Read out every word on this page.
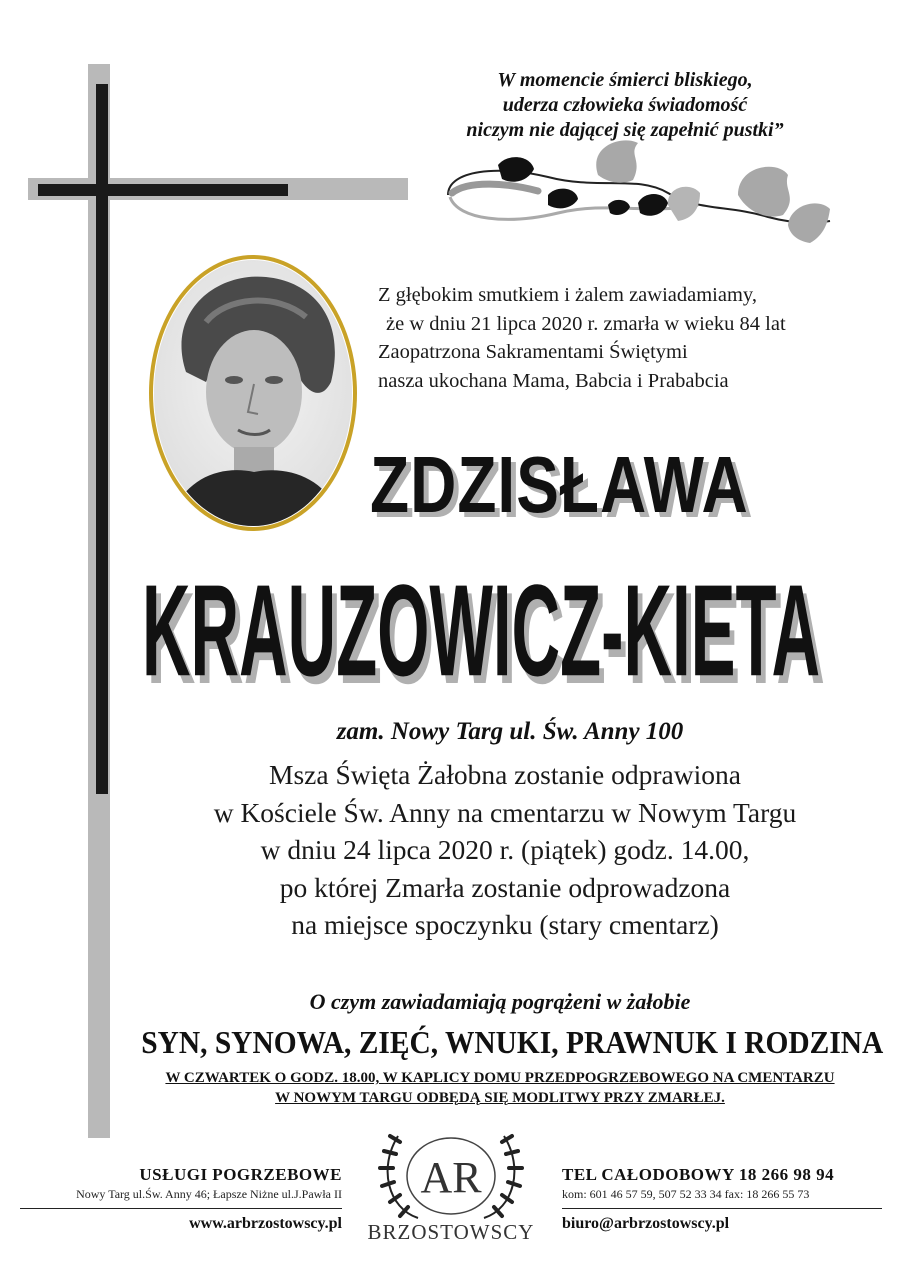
W momencie śmierci bliskiego,
uderza człowieka świadomość
niczym nie dającej się zapełnić pustki”
Z głębokim smutkiem i żalem zawiadamiamy,
że w dniu 21 lipca 2020 r. zmarła w wieku 84 lat
Zaopatrzona Sakramentami Świętymi
nasza ukochana Mama, Babcia i Prababcia
ZDZISŁAWA
KRAUZOWICZ-KIETA
zam. Nowy Targ ul. Św. Anny 100
Msza Święta Żałobna zostanie odprawiona
w Kościele Św. Anny na cmentarzu w Nowym Targu
w dniu 24 lipca 2020 r. (piątek) godz. 14.00,
po której Zmarła zostanie odprowadzona
na miejsce spoczynku (stary cmentarz)
O czym zawiadamiają pogrążeni w żałobie
SYN, SYNOWA, ZIĘĆ, WNUKI, PRAWNUK I RODZINA
W CZWARTEK O GODZ. 18.00, W KAPLICY DOMU PRZEDPOGRZEBOWEGO NA CMENTARZU
W NOWYM TARGU ODBĘDĄ SIĘ MODLITWY PRZY ZMARŁEJ.
USŁUGI POGRZEBOWE
Nowy Targ ul.Św. Anny 46; Łapsze Niżne ul.J.Pawła II
www.arbrzostowscy.pl
AR
BRZOSTOWSCY
TEL CAŁODOBOWY 18 266 98 94
kom: 601 46 57 59, 507 52 33 34 fax: 18 266 55 73
biuro@arbrzostowscy.pl
